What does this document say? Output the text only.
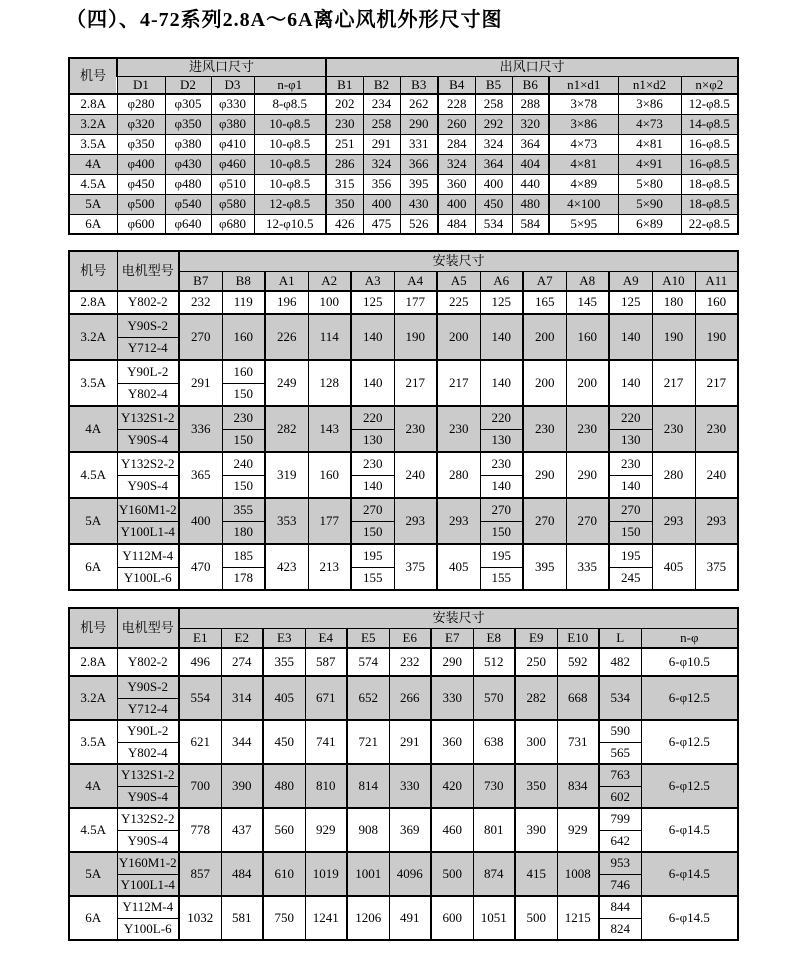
（四）、4-72系列2.8A～6A离心风机外形尺寸图
机号	进风口尺寸				出风口尺寸								
	D1	D2	D3	n-φ1	B1	B2	B3	B4	B5	B6	n1×d1	n1×d2	n×φ2
2.8A	φ280	φ305	φ330	8-φ8.5	202	234	262	228	258	288	3×78	3×86	12-φ8.5
3.2A	φ320	φ350	φ380	10-φ8.5	230	258	290	260	292	320	3×86	4×73	14-φ8.5
3.5A	φ350	φ380	φ410	10-φ8.5	251	291	331	284	324	364	4×73	4×81	16-φ8.5
4A	φ400	φ430	φ460	10-φ8.5	286	324	366	324	364	404	4×81	4×91	16-φ8.5
4.5A	φ450	φ480	φ510	10-φ8.5	315	356	395	360	400	440	4×89	5×80	18-φ8.5
5A	φ500	φ540	φ580	12-φ8.5	350	400	430	400	450	480	4×100	5×90	18-φ8.5
6A	φ600	φ640	φ680	12-φ10.5	426	475	526	484	534	584	5×95	6×89	22-φ8.5
机号	电机型号	安装尺寸												
		B7	B8	A1	A2	A3	A4	A5	A6	A7	A8	A9	A10	A11
2.8A	Y802-2	232	119	196	100	125	177	225	125	165	145	125	180	160
3.2A	Y90S-2	270	160	226	114	140	190	200	140	200	160	140	190	190
	Y712-4													
3.5A	Y90L-2	291	160	249	128	140	217	217	140	200	200	140	217	217
	Y802-4		150											
4A	Y132S1-2	336	230	282	143	220	230	230	220	230	230	220	230	230
	Y90S-4		150			130			130			130		
4.5A	Y132S2-2	365	240	319	160	230	240	280	230	290	290	230	280	240
	Y90S-4		150			140			140			140		
5A	Y160M1-2	400	355	353	177	270	293	293	270	270	270	270	293	293
	Y100L1-4		180			150			150			150		
6A	Y112M-4	470	185	423	213	195	375	405	195	395	335	195	405	375
	Y100L-6		178			155			155			245		
机号	电机型号	安装尺寸											
		E1	E2	E3	E4	E5	E6	E7	E8	E9	E10	L	n-φ
2.8A	Y802-2	496	274	355	587	574	232	290	512	250	592	482	6-φ10.5
3.2A	Y90S-2	554	314	405	671	652	266	330	570	282	668	534	6-φ12.5
	Y712-4												
3.5A	Y90L-2	621	344	450	741	721	291	360	638	300	731	590	6-φ12.5
	Y802-4											565	
4A	Y132S1-2	700	390	480	810	814	330	420	730	350	834	763	6-φ12.5
	Y90S-4											602	
4.5A	Y132S2-2	778	437	560	929	908	369	460	801	390	929	799	6-φ14.5
	Y90S-4											642	
5A	Y160M1-2	857	484	610	1019	1001	4096	500	874	415	1008	953	6-φ14.5
	Y100L1-4											746	
6A	Y112M-4	1032	581	750	1241	1206	491	600	1051	500	1215	844	6-φ14.5
	Y100L-6											824	
